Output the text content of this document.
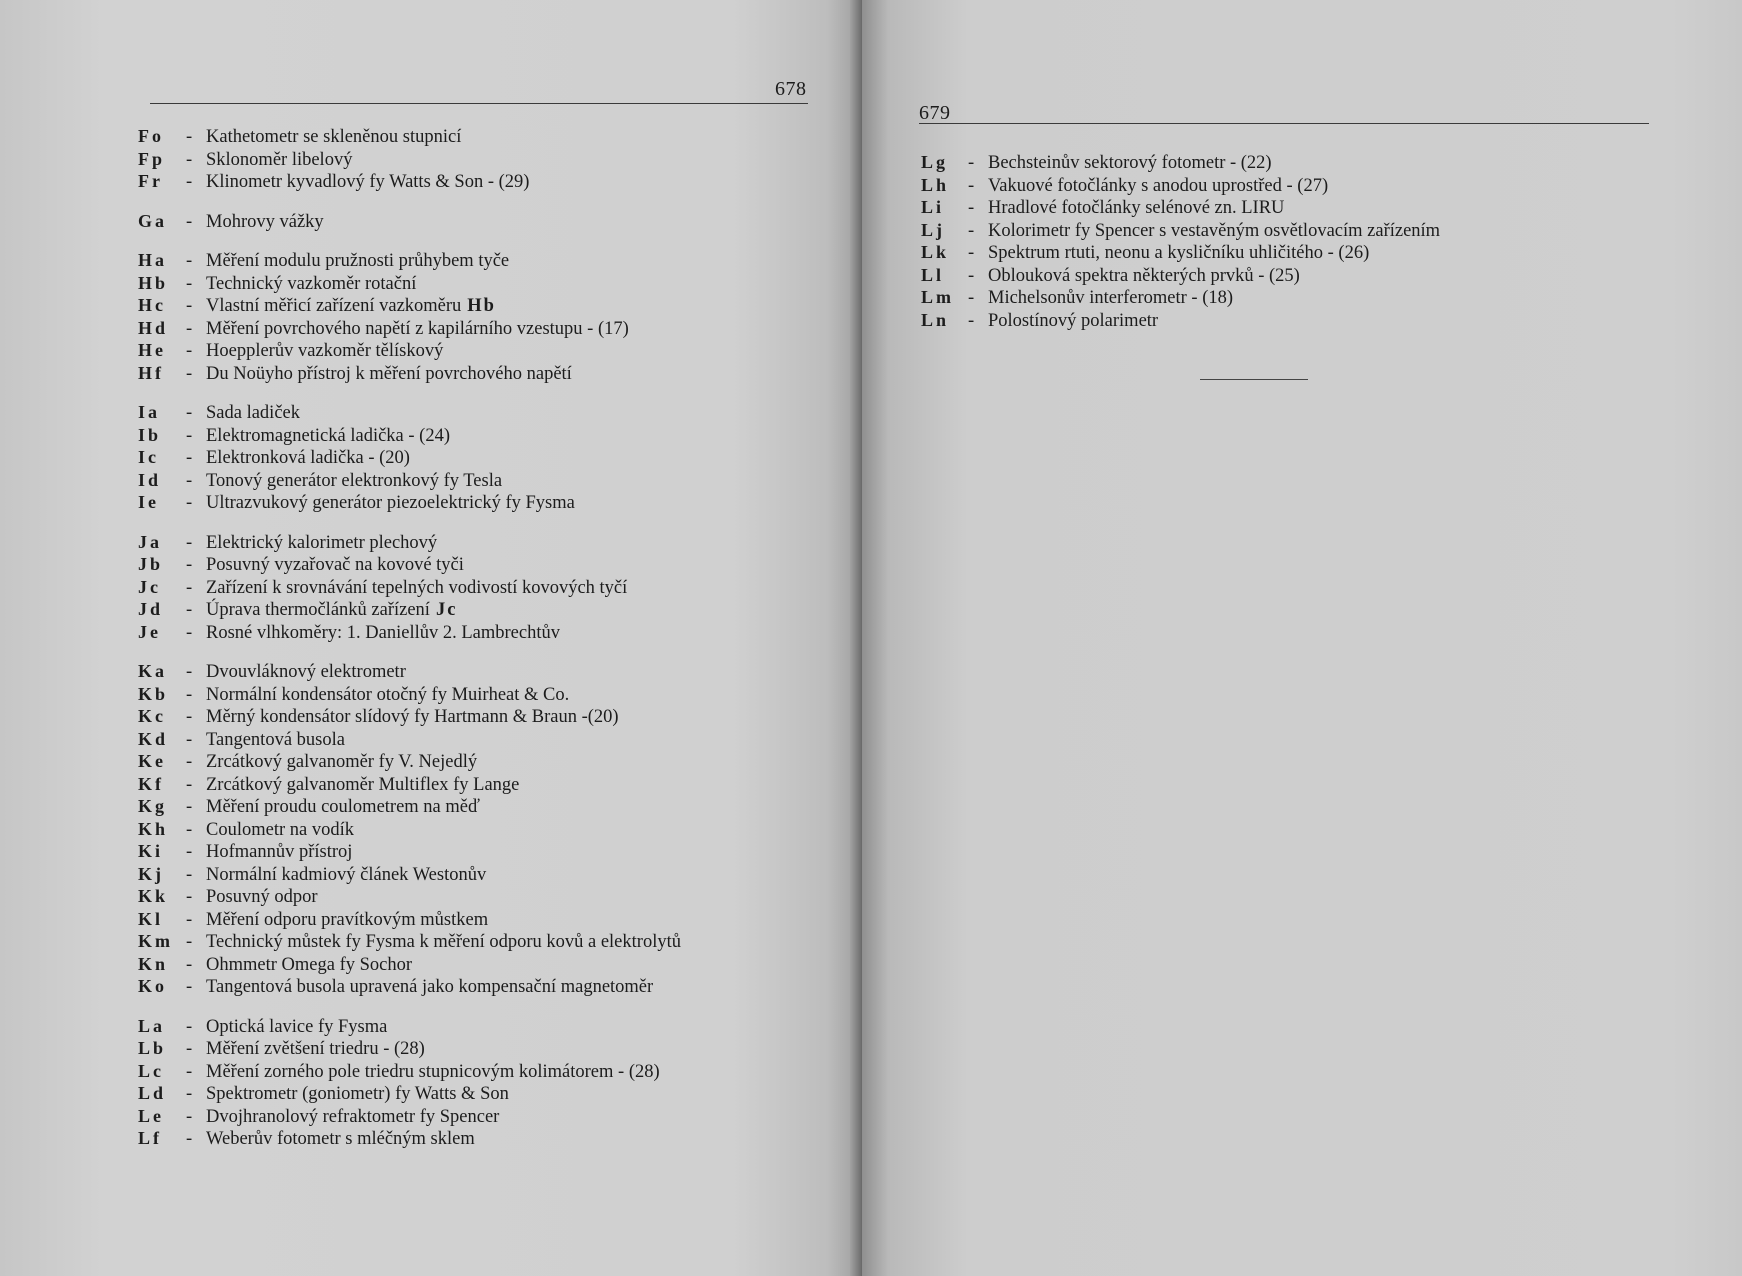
678
Fo	- Kathetometr se skleněnou stupnicí
Fp	- Sklonoměr libelový
Fr	- Klinometr kyvadlový fy Watts & Son - (29)
Ga	- Mohrovy vážky
Ha	- Měření modulu pružnosti průhybem tyče
Hb - Technický vazkoměr rotační
Hc	- Vlastní měřicí zařízení vazkoměru Hb
Hd - Měření povrchového napětí z kapilárního vzestupu - (17)
He	- Hoepplerův vazkoměr tělískový
Hf	- Du Noüyho přístroj k měření povrchového napětí
Ia	- Sada ladiček
Ib	- Elektromagnetická ladička - (24)
Ic	- Elektronková ladička - (20)
Id	- Tonový generátor elektronkový fy Tesla
Ie	- Ultrazvukový generátor piezoelektrický fy Fysma
Ja	- Elektrický kalorimetr plechový
Jb	- Posuvný vyzařovač na kovové tyči
Jc	- Zařízení k srovnávání tepelných vodivostí kovových tyčí
Jd	- Úprava thermočlánků zařízení Jc
Je	- Rosné vlhkoměry: 1. Daniellův 2. Lambrechtův
Ka	- Dvouvláknový elektrometr
Kb - Normální kondensátor otočný fy Muirheat & Co.
Kc	- Měrný kondensátor slídový fy Hartmann & Braun -(20)
Kd - Tangentová busola
Ke	- Zrcátkový galvanoměr fy V. Nejedlý
Kf	- Zrcátkový galvanoměr Multiflex fy Lange
Kg	- Měření proudu coulometrem na měď
Kh - Coulometr na vodík
Ki	- Hofmannův přístroj
Kj	- Normální kadmiový článek Westonův
Kk - Posuvný odpor
Kl	- Měření odporu pravítkovým můstkem
Km - Technický můstek fy Fysma k měření odporu kovů a elektrolytů
Kn - Ohmmetr Omega fy Sochor
Ko	- Tangentová busola upravená jako kompensační magnetoměr
La	- Optická lavice fy Fysma
Lb	- Měření zvětšení triedru - (28)
Lc	- Měření zorného pole triedru stupnicovým kolimátorem - (28)
Ld	- Spektrometr (goniometr) fy Watts & Son
Le	- Dvojhranolový refraktometr fy Spencer
Lf	- Weberův fotometr s mléčným sklem
679
Lg	- Bechsteinův sektorový fotometr - (22)
Lh	- Vakuové fotočlánky s anodou uprostřed - (27)
Li	- Hradlové fotočlánky selénové zn. LIRU
Lj	- Kolorimetr fy Spencer s vestavěným osvětlovacím zařízením
Lk	- Spektrum rtuti, neonu a kysličníku uhličitého - (26)
Ll	- Oblouková spektra některých prvků - (25)
Lm - Michelsonův interferometr - (18)
Ln	- Polostínový polarimetr
